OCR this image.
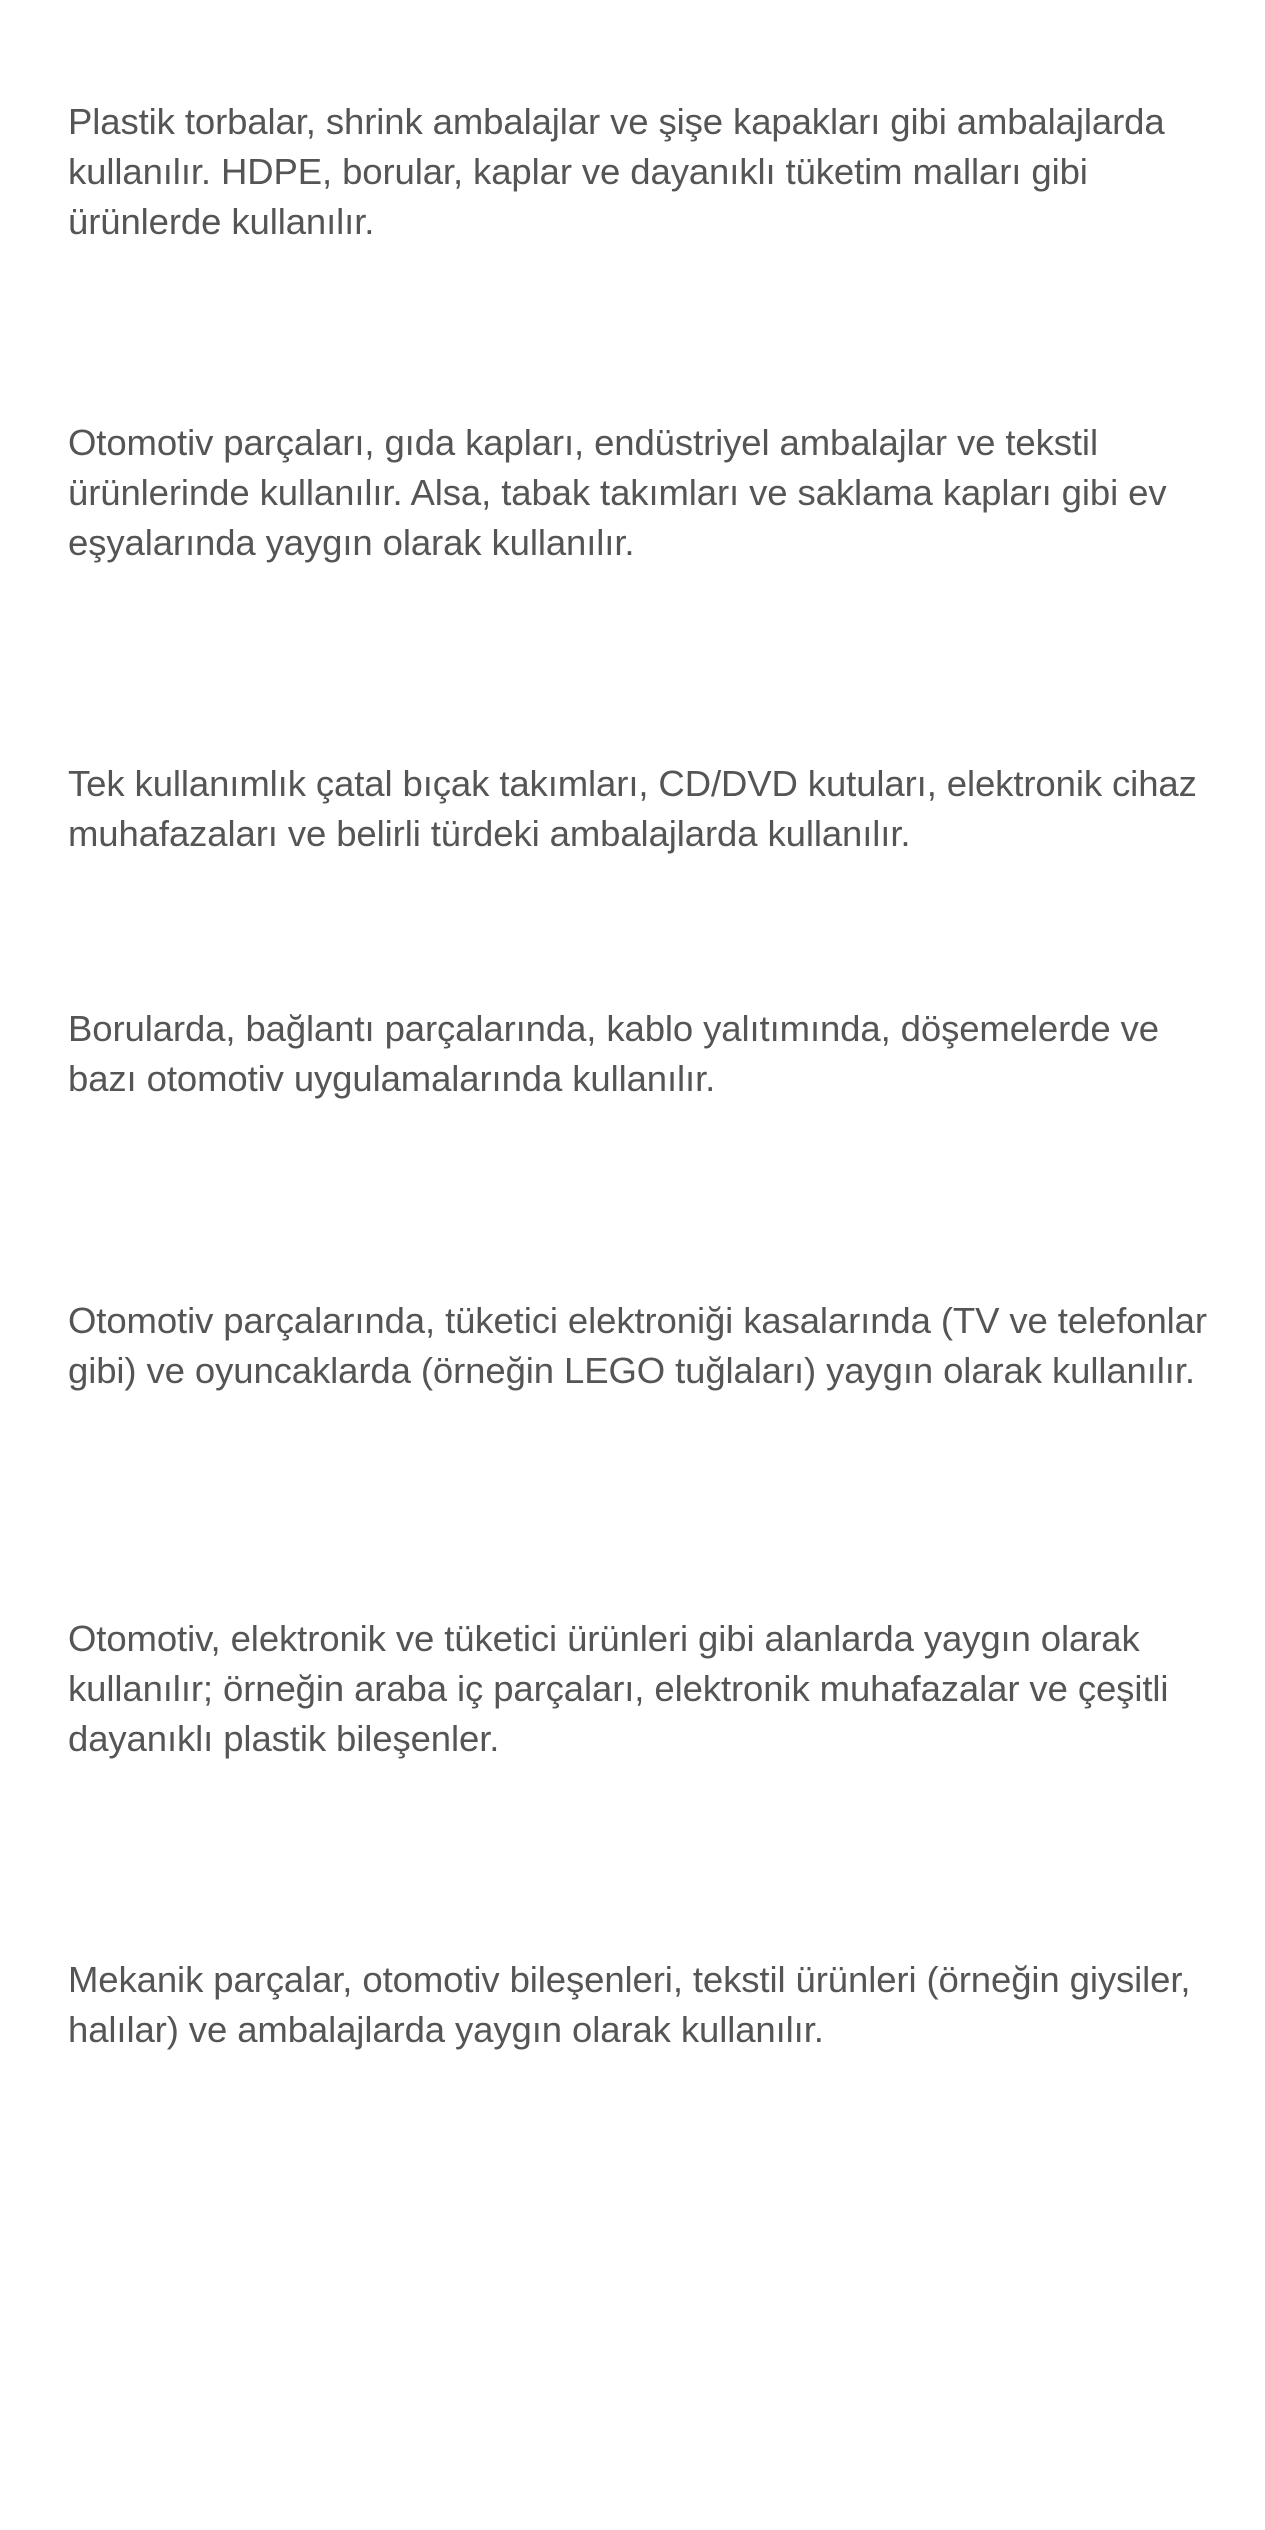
Plastik torbalar, shrink ambalajlar ve şişe kapakları gibi ambalajlarda kullanılır. HDPE, borular, kaplar ve dayanıklı tüketim malları gibi ürünlerde kullanılır.

Otomotiv parçaları, gıda kapları, endüstriyel ambalajlar ve tekstil ürünlerinde kullanılır. Alsa, tabak takımları ve saklama kapları gibi ev eşyalarında yaygın olarak kullanılır.

Tek kullanımlık çatal bıçak takımları, CD/DVD kutuları, elektronik cihaz muhafazaları ve belirli türdeki ambalajlarda kullanılır.

Borularda, bağlantı parçalarında, kablo yalıtımında, döşemelerde ve bazı otomotiv uygulamalarında kullanılır.

Otomotiv parçalarında, tüketici elektroniği kasalarında (TV ve telefonlar gibi) ve oyuncaklarda (örneğin LEGO tuğlaları) yaygın olarak kullanılır.

Otomotiv, elektronik ve tüketici ürünleri gibi alanlarda yaygın olarak kullanılır; örneğin araba iç parçaları, elektronik muhafazalar ve çeşitli dayanıklı plastik bileşenler.

Mekanik parçalar, otomotiv bileşenleri, tekstil ürünleri (örneğin giysiler, halılar) ve ambalajlarda yaygın olarak kullanılır.
